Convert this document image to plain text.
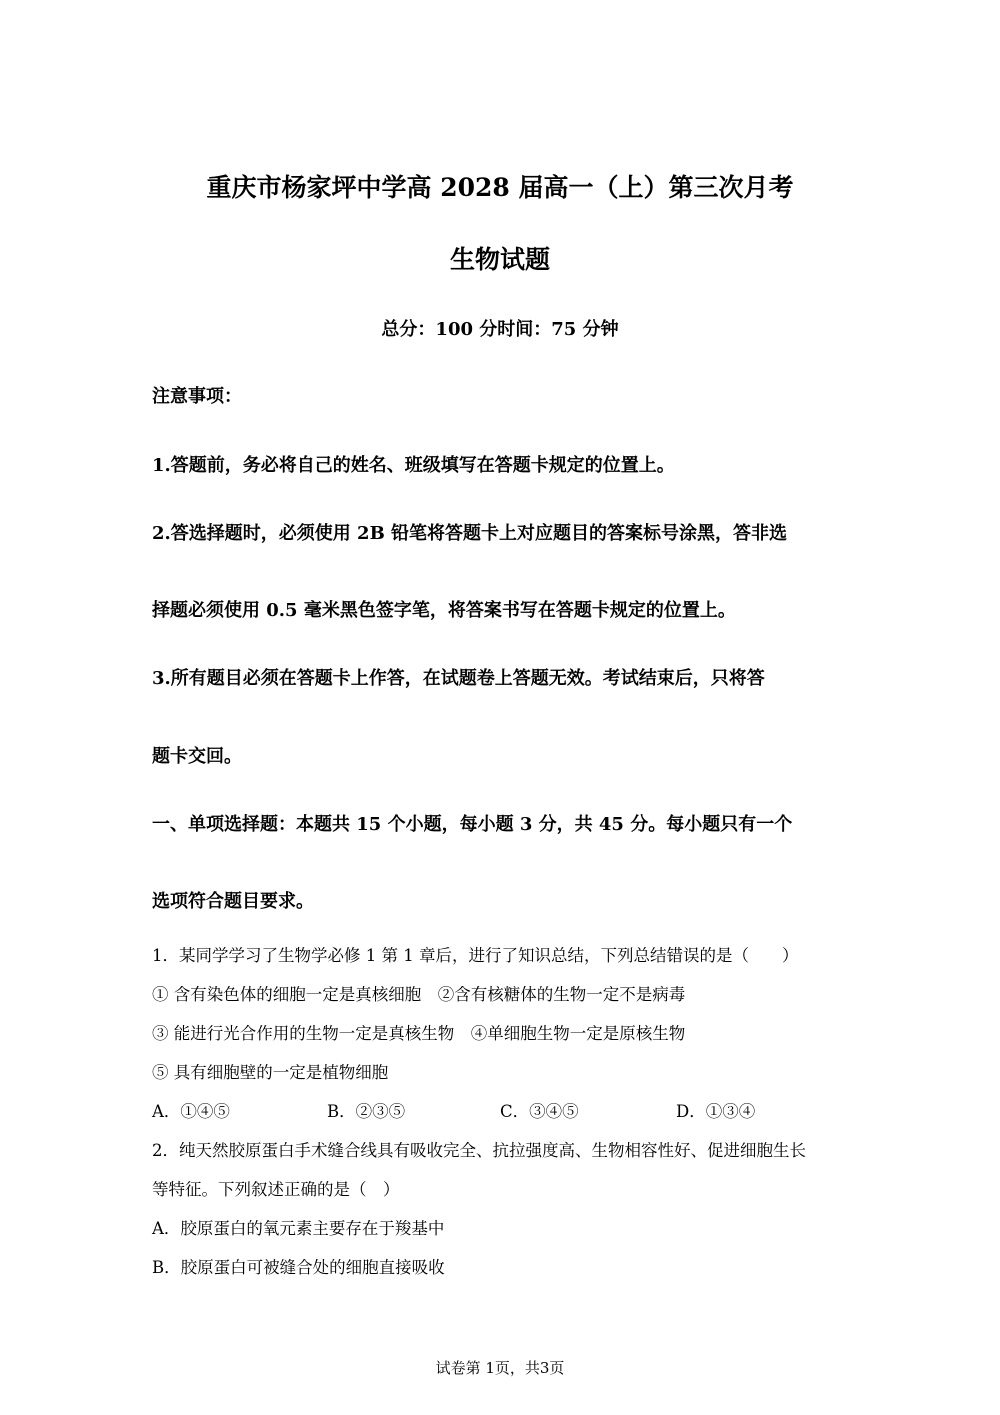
重庆市杨家坪中学高 2028 届高一（上）第三次月考
生物试题
总分：100 分时间：75 分钟
注意事项：
1.答题前，务必将自己的姓名、班级填写在答题卡规定的位置上。
2.答选择题时，必须使用 2B 铅笔将答题卡上对应题目的答案标号涂黑，答非选
择题必须使用 0.5 毫米黑色签字笔，将答案书写在答题卡规定的位置上。
3.所有题目必须在答题卡上作答，在试题卷上答题无效。考试结束后，只将答
题卡交回。
一、单项选择题：本题共 15 个小题，每小题 3 分，共 45 分。每小题只有一个
选项符合题目要求。
1．某同学学习了生物学必修 1 第 1 章后，进行了知识总结，下列总结错误的是（　　）
① 含有染色体的细胞一定是真核细胞　②含有核糖体的生物一定不是病毒
③ 能进行光合作用的生物一定是真核生物　④单细胞生物一定是原核生物
⑤ 具有细胞壁的一定是植物细胞
A．①④⑤	B．②③⑤	C．③④⑤	D．①③④
2．纯天然胶原蛋白手术缝合线具有吸收完全、抗拉强度高、生物相容性好、促进细胞生长
等特征。下列叙述正确的是（　）
A．胶原蛋白的氧元素主要存在于羧基中
B．胶原蛋白可被缝合处的细胞直接吸收
试卷第 1页，共3页
